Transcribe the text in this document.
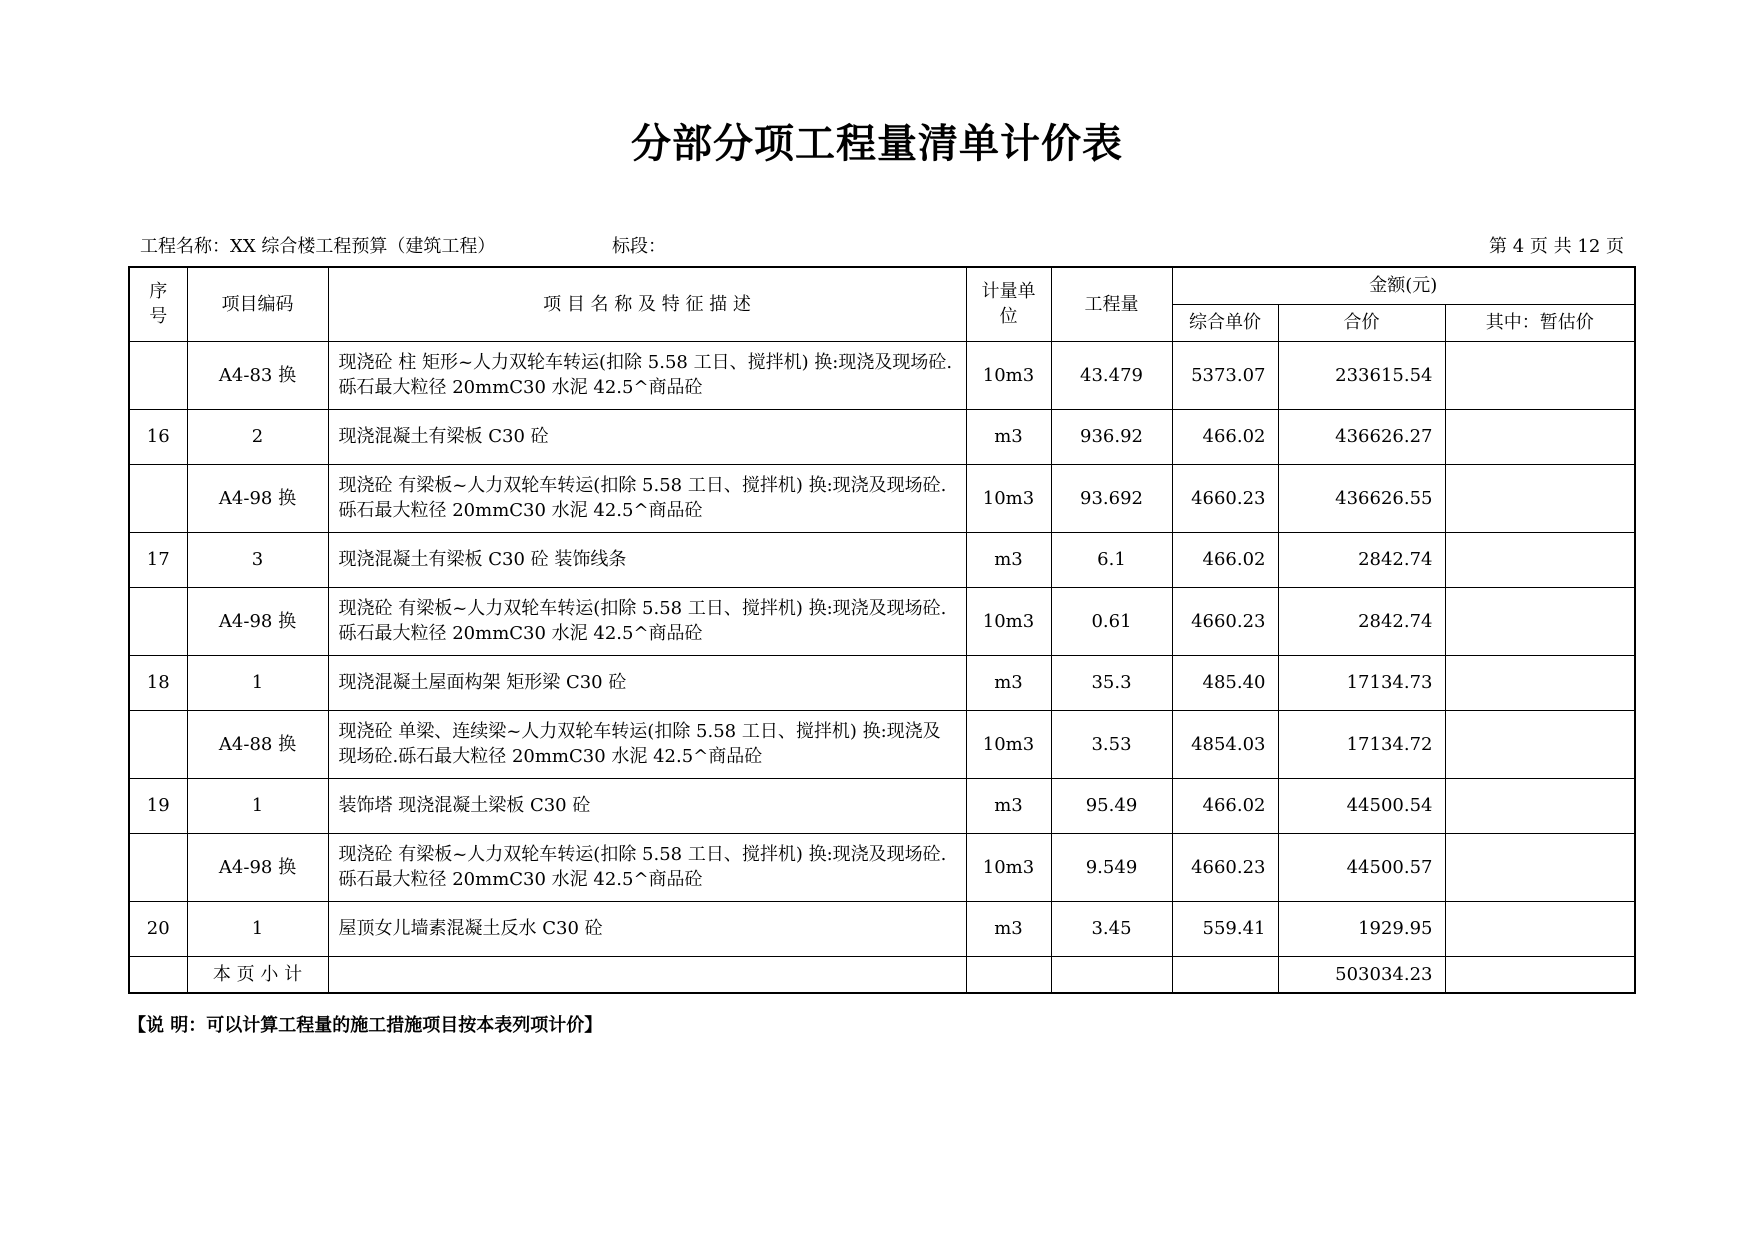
分部分项工程量清单计价表
工程名称：XX 综合楼工程预算（建筑工程）	标段：	第 4 页 共 12 页
序号	项目编码	项 目 名 称 及 特 征 描 述	计量单位	工程量	金额(元)		
					综合单价	合价	其中：暂估价
	A4-83 换	现浇砼 柱 矩形~人力双轮车转运(扣除 5.58 工日、搅拌机) 换:现浇及现场砼.砾石最大粒径 20mmC30 水泥 42.5^商品砼	10m3	43.479	5373.07	233615.54	
16	2	现浇混凝土有梁板 C30 砼	m3	936.92	466.02	436626.27	
	A4-98 换	现浇砼 有梁板~人力双轮车转运(扣除 5.58 工日、搅拌机) 换:现浇及现场砼.砾石最大粒径 20mmC30 水泥 42.5^商品砼	10m3	93.692	4660.23	436626.55	
17	3	现浇混凝土有梁板 C30 砼 装饰线条	m3	6.1	466.02	2842.74	
	A4-98 换	现浇砼 有梁板~人力双轮车转运(扣除 5.58 工日、搅拌机) 换:现浇及现场砼.砾石最大粒径 20mmC30 水泥 42.5^商品砼	10m3	0.61	4660.23	2842.74	
18	1	现浇混凝土屋面构架 矩形梁 C30 砼	m3	35.3	485.40	17134.73	
	A4-88 换	现浇砼 单梁、连续梁~人力双轮车转运(扣除 5.58 工日、搅拌机) 换:现浇及现场砼.砾石最大粒径 20mmC30 水泥 42.5^商品砼	10m3	3.53	4854.03	17134.72	
19	1	装饰塔 现浇混凝土梁板 C30 砼	m3	95.49	466.02	44500.54	
	A4-98 换	现浇砼 有梁板~人力双轮车转运(扣除 5.58 工日、搅拌机) 换:现浇及现场砼.砾石最大粒径 20mmC30 水泥 42.5^商品砼	10m3	9.549	4660.23	44500.57	
20	1	屋顶女儿墙素混凝土反水 C30 砼	m3	3.45	559.41	1929.95	
	本 页 小 计					503034.23	
【说 明：可以计算工程量的施工措施项目按本表列项计价】
